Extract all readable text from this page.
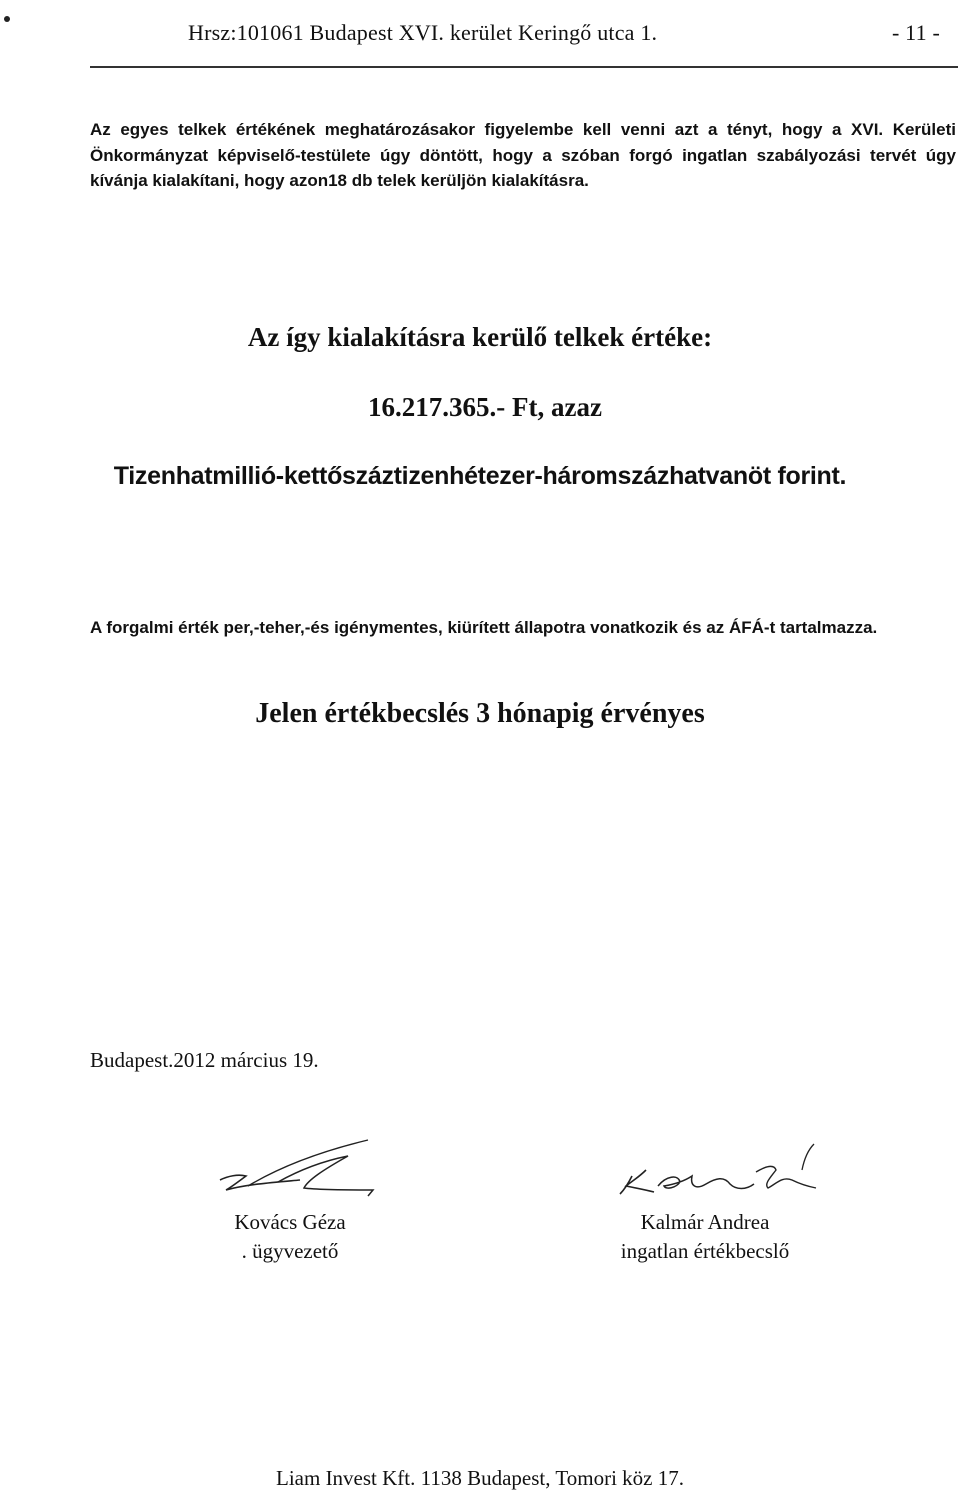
Hrsz:101061 Budapest XVI. kerület Keringő utca 1.	- 11 -
Az egyes telkek értékének meghatározásakor figyelembe kell venni azt a tényt, hogy a XVI. Kerületi Önkormányzat képviselő-testülete úgy döntött, hogy a szóban forgó ingatlan szabályozási tervét úgy kívánja kialakítani, hogy azon18 db telek kerüljön kialakításra.
Az így kialakításra kerülő telkek értéke:
16.217.365.- Ft, azaz
Tizenhatmillió-kettőszáztizenhétezer-háromszázhatvanöt forint.
A forgalmi érték per,-teher,-és igénymentes, kiürített állapotra vonatkozik és az ÁFÁ-t tartalmazza.
Jelen értékbecslés 3 hónapig érvényes
Budapest.2012 március 19.
Kovács Géza
. ügyvezető
Kalmár Andrea
ingatlan értékbecslő
Liam Invest Kft. 1138 Budapest, Tomori köz 17.
